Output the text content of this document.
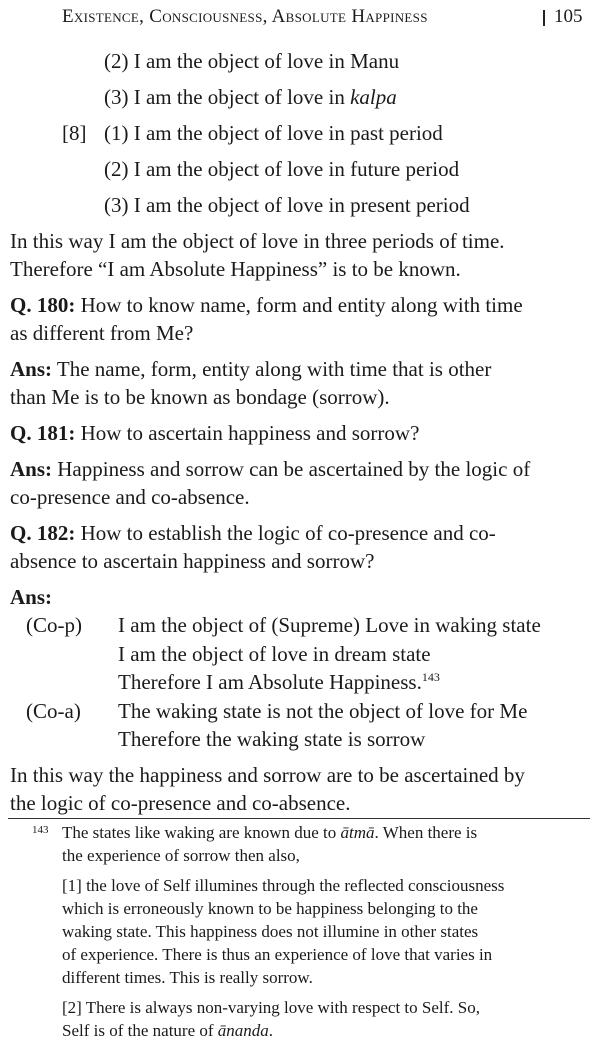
Existence, Consciousness, Absolute Happiness	105
(2) I am the object of love in Manu
(3) I am the object of love in kalpa
[8] (1) I am the object of love in past period
(2) I am the object of love in future period
(3) I am the object of love in present period
In this way I am the object of love in three periods of time.
Therefore “I am Absolute Happiness” is to be known.
Q. 180: How to know name, form and entity along with time
as different from Me?
Ans: The name, form, entity along with time that is other
than Me is to be known as bondage (sorrow).
Q. 181: How to ascertain happiness and sorrow?
Ans: Happiness and sorrow can be ascertained by the logic of
co-presence and co-absence.
Q. 182: How to establish the logic of co-presence and co-
absence to ascertain happiness and sorrow?
Ans:
(Co-p) I am the object of (Supreme) Love in waking state
I am the object of love in dream state
Therefore I am Absolute Happiness.$^{143}$
(Co-a) The waking state is not the object of love for Me
Therefore the waking state is sorrow
In this way the happiness and sorrow are to be ascertained by
the logic of co-presence and co-absence.
143 The states like waking are known due to ātmā. When there is
the experience of sorrow then also,
[1] the love of Self illumines through the reflected consciousness
which is erroneously known to be happiness belonging to the
waking state. This happiness does not illumine in other states
of experience. There is thus an experience of love that varies in
different times. This is really sorrow.
[2] There is always non-varying love with respect to Self. So,
Self is of the nature of ānanda.
